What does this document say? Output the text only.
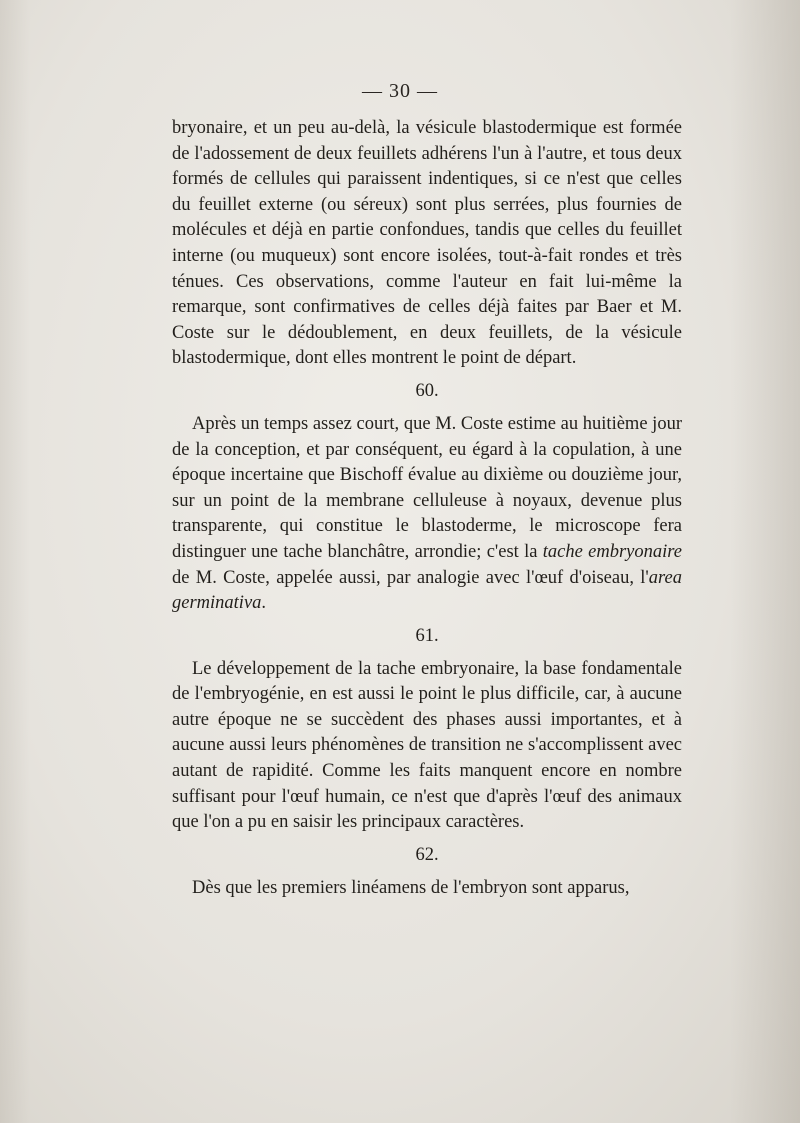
— 30 —

bryonaire, et un peu au-delà, la vésicule blastodermique est formée de l'adossement de deux feuillets adhérens l'un à l'autre, et tous deux formés de cellules qui paraissent indentiques, si ce n'est que celles du feuillet externe (ou séreux) sont plus serrées, plus fournies de molécules et déjà en partie confondues, tandis que celles du feuillet interne (ou muqueux) sont encore isolées, tout-à-fait rondes et très ténues. Ces observations, comme l'auteur en fait lui-même la remarque, sont confirmatives de celles déjà faites par Baer et M. Coste sur le dédoublement, en deux feuillets, de la vésicule blastodermique, dont elles montrent le point de départ.

60.

Après un temps assez court, que M. Coste estime au huitième jour de la conception, et par conséquent, eu égard à la copulation, à une époque incertaine que Bischoff évalue au dixième ou douzième jour, sur un point de la membrane celluleuse à noyaux, devenue plus transparente, qui constitue le blastoderme, le microscope fera distinguer une tache blanchâtre, arrondie; c'est la tache embryonaire de M. Coste, appelée aussi, par analogie avec l'œuf d'oiseau, l'area germinativa.

61.

Le développement de la tache embryonaire, la base fondamentale de l'embryogénie, en est aussi le point le plus difficile, car, à aucune autre époque ne se succèdent des phases aussi importantes, et à aucune aussi leurs phénomènes de transition ne s'accomplissent avec autant de rapidité. Comme les faits manquent encore en nombre suffisant pour l'œuf humain, ce n'est que d'après l'œuf des animaux que l'on a pu en saisir les principaux caractères.

62.

Dès que les premiers linéamens de l'embryon sont apparus,
